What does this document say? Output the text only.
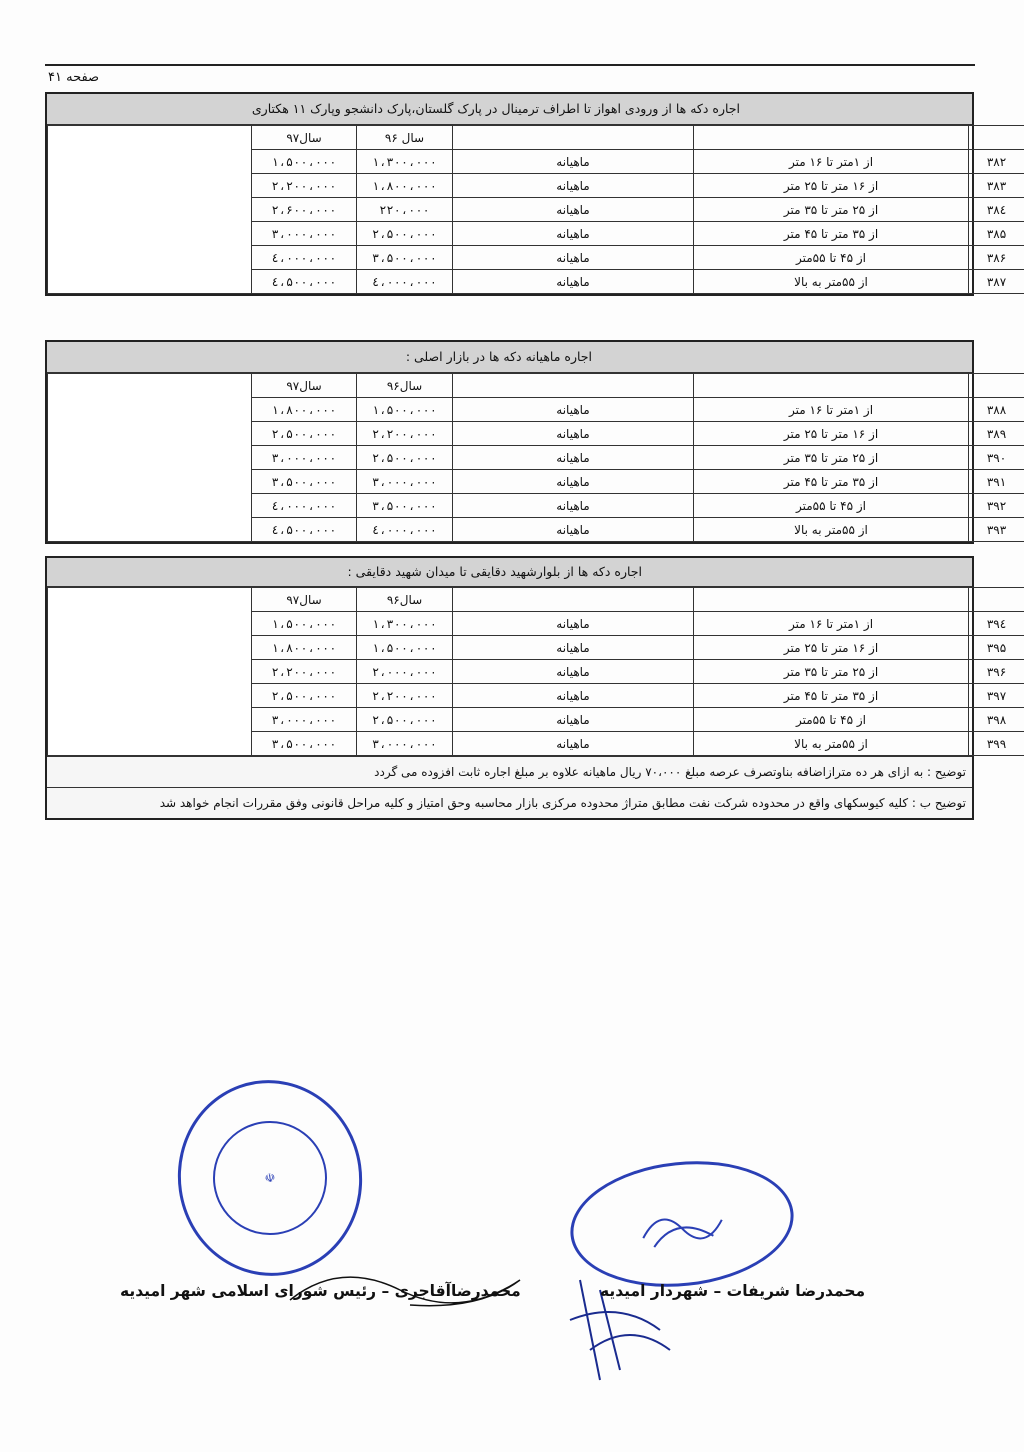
صفحه ۴۱
اجاره دکه ها از ورودی اهواز تا اطراف ترمینال در پارک گلستان،پارک دانشجو وپارک ۱۱ هکتاری
	سال۹۷	سال ۹۶			
	۱،۵۰۰،۰۰۰	۱،۳۰۰،۰۰۰	ماهیانه	از ۱متر تا ۱۶ متر	۳۸۲
	۲،۲۰۰،۰۰۰	۱،۸۰۰،۰۰۰	ماهیانه	از ۱۶ متر تا ۲۵ متر	۳۸۳
	۲،۶۰۰،۰۰۰	۲۲۰،۰۰۰	ماهیانه	از ۲۵ متر تا ۳۵ متر	۳۸٤
	۳،۰۰۰،۰۰۰	۲،۵۰۰،۰۰۰	ماهیانه	از ۳۵ متر تا ۴۵ متر	۳۸۵
	٤،۰۰۰،۰۰۰	۳،۵۰۰،۰۰۰	ماهیانه	از ۴۵ تا ۵۵متر	۳۸۶
	٤،۵۰۰،۰۰۰	٤،۰۰۰،۰۰۰	ماهیانه	از ۵۵متر به بالا	۳۸۷
اجاره ماهیانه دکه ها در بازار اصلی :
	سال۹۷	سال۹۶			
	۱،۸۰۰،۰۰۰	۱،۵۰۰،۰۰۰	ماهیانه	از ۱متر تا ۱۶ متر	۳۸۸
	۲،۵۰۰،۰۰۰	۲،۲۰۰،۰۰۰	ماهیانه	از ۱۶ متر تا ۲۵ متر	۳۸۹
	۳،۰۰۰،۰۰۰	۲،۵۰۰،۰۰۰	ماهیانه	از ۲۵ متر تا ۳۵ متر	۳۹۰
	۳،۵۰۰،۰۰۰	۳،۰۰۰،۰۰۰	ماهیانه	از ۳۵ متر تا ۴۵ متر	۳۹۱
	٤،۰۰۰،۰۰۰	۳،۵۰۰،۰۰۰	ماهیانه	از ۴۵ تا ۵۵متر	۳۹۲
	٤،۵۰۰،۰۰۰	٤،۰۰۰،۰۰۰	ماهیانه	از ۵۵متر به بالا	۳۹۳
اجاره دکه ها از بلوارشهید دقایقی تا میدان شهید دقایقی :
	سال۹۷	سال۹۶			
	۱،۵۰۰،۰۰۰	۱،۳۰۰،۰۰۰	ماهیانه	از ۱متر تا ۱۶ متر	۳۹٤
	۱،۸۰۰،۰۰۰	۱،۵۰۰،۰۰۰	ماهیانه	از ۱۶ متر تا ۲۵ متر	۳۹۵
	۲،۲۰۰،۰۰۰	۲،۰۰۰،۰۰۰	ماهیانه	از ۲۵ متر تا ۳۵ متر	۳۹۶
	۲،۵۰۰،۰۰۰	۲،۲۰۰،۰۰۰	ماهیانه	از ۳۵ متر تا ۴۵ متر	۳۹۷
	۳،۰۰۰،۰۰۰	۲،۵۰۰،۰۰۰	ماهیانه	از ۴۵ تا ۵۵متر	۳۹۸
	۳،۵۰۰،۰۰۰	۳،۰۰۰،۰۰۰	ماهیانه	از ۵۵متر به بالا	۳۹۹
توضیح : به ازای هر ده مترازاضافه بناوتصرف عرصه مبلغ ۷۰،۰۰۰ ریال ماهیانه علاوه بر مبلغ اجاره ثابت افزوده می گردد
توضیح ب : کلیه کیوسکهای واقع در محدوده شرکت نفت مطابق متراژ محدوده مرکزی بازار محاسبه وحق امتیاز و کلیه مراحل قانونی وفق مقررات انجام خواهد شد
☫
محمدرضاآقاجری – رئیس شورای اسلامی شهر امیدیه	محمدرضا شریفات – شهردار امیدیه
